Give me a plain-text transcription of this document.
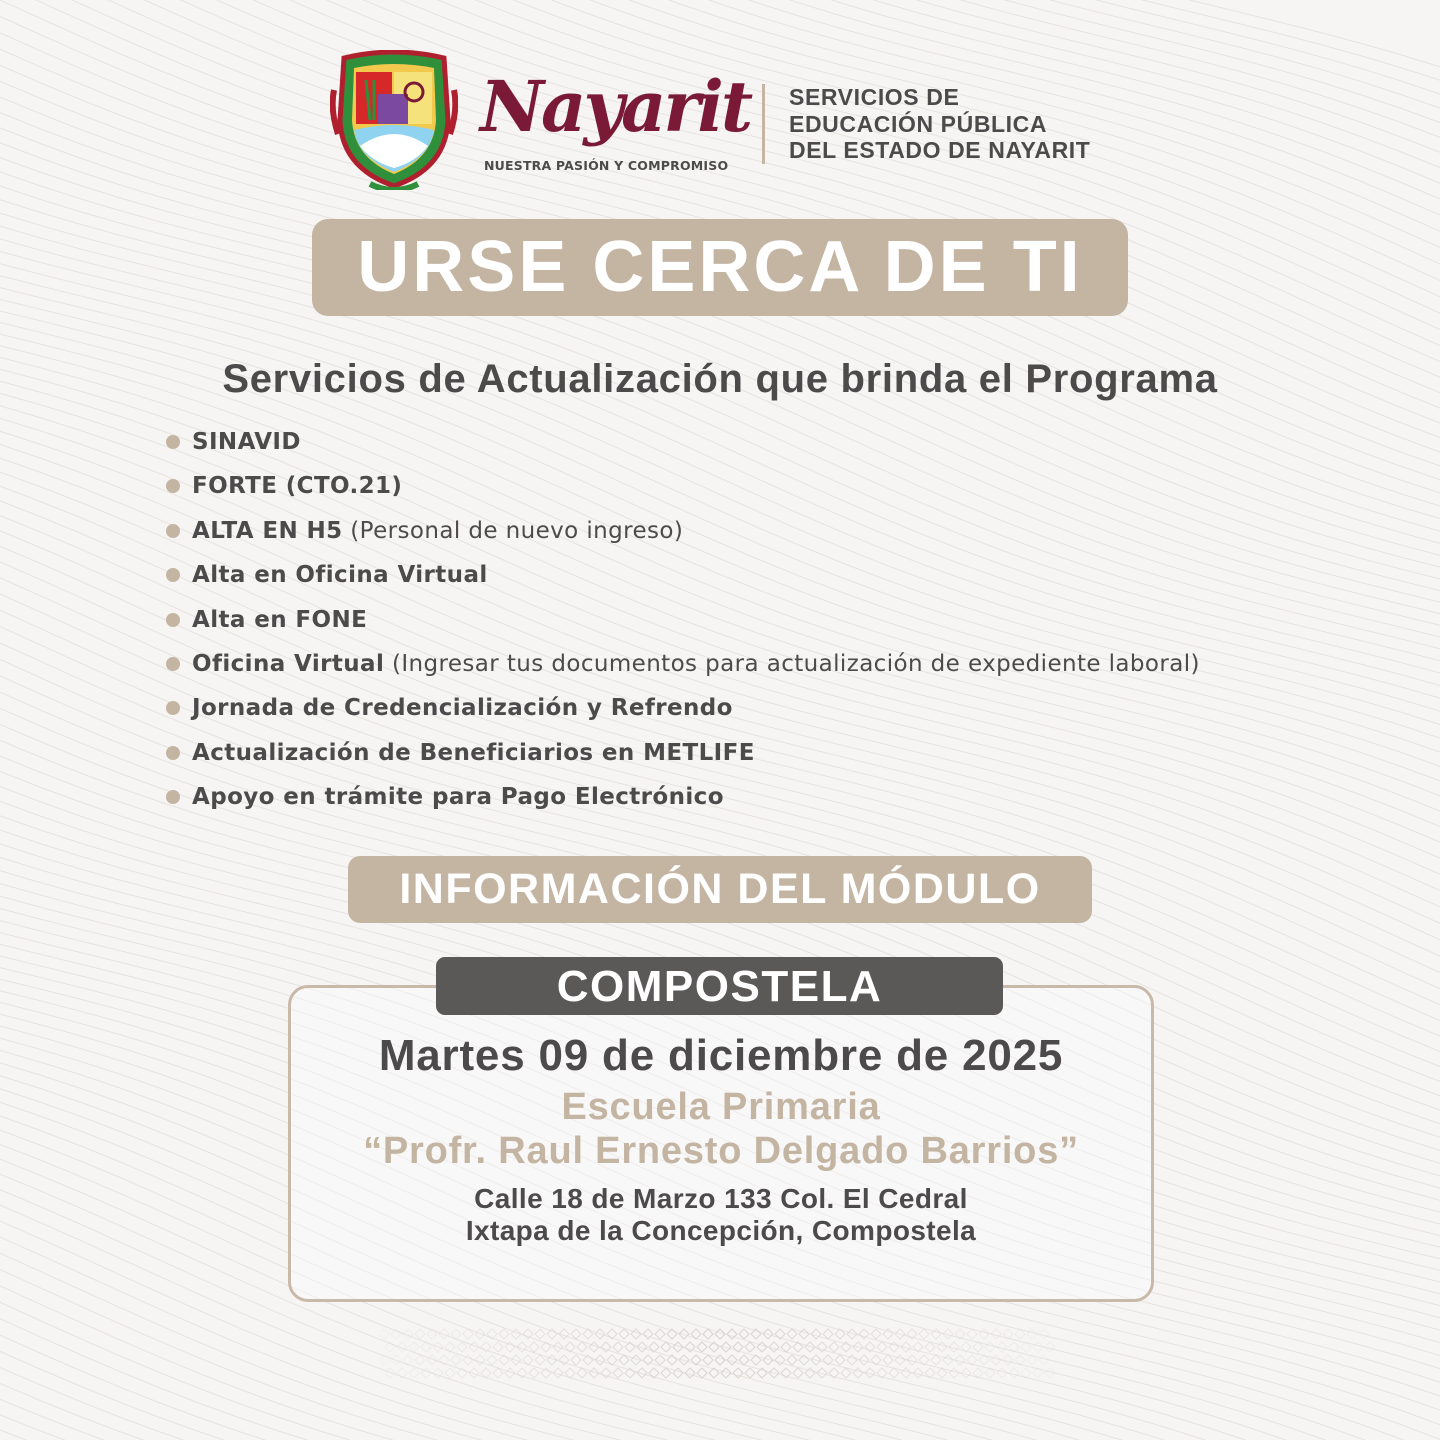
Nayarit
NUESTRA PASIÓN Y COMPROMISO
SERVICIOS DE
EDUCACIÓN PÚBLICA
DEL ESTADO DE NAYARIT
URSE CERCA DE TI
Servicios de Actualización que brinda el Programa
SINAVID
FORTE (CTO.21)
ALTA EN H5 (Personal de nuevo ingreso)
Alta en Oficina Virtual
Alta en FONE
Oficina Virtual (Ingresar tus documentos para actualización de expediente laboral)
Jornada de Credencialización y Refrendo
Actualización de Beneficiarios en METLIFE
Apoyo en trámite para Pago Electrónico
INFORMACIÓN DEL MÓDULO
COMPOSTELA
Martes 09 de diciembre de 2025
Escuela Primaria
“Profr. Raul Ernesto Delgado Barrios”
Calle 18 de Marzo 133 Col. El Cedral
Ixtapa de la Concepción, Compostela
